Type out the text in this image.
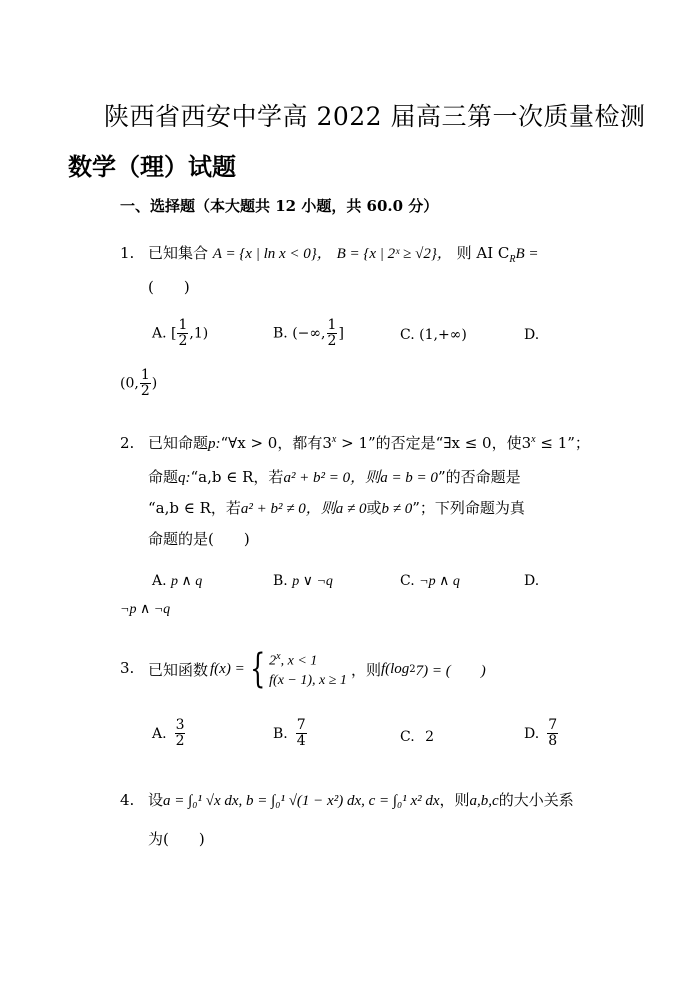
陕西省西安中学高 2022 届高三第一次质量检测
数学（理）试题
一、选择题（本大题共 12 小题，共 60.0 分）
1. 已知集合 A = {x | ln x < 0}， B = {x | 2ˣ ≥ √2}， 则 AI $C_RB$ =
(　　)
A. [ $\frac{1}{2} ,1$)	B. (−∞, $\frac{1}{2}$ ]	C. (1,+∞)	D.
(0, $\frac{1}{2}$ )
2. 已知命题p:“∀x > 0，都有$3^x > 1$”的否定是“∃x ≤ 0，使$3^x \le 1$”；
命题q:“a,b ∈ R，若a² + b² = 0，则a = b = 0”的否命题是
“a,b ∈ R，若a² + b² ≠ 0，则a ≠ 0或b ≠ 0”；下列命题为真
命题的是(　　)
A. p ∧ q	B. p ∨ ¬q	C. ¬p ∧ q	D.
¬p ∧ ¬q
3. 已知函数 f(x) = { 2$^x$, x < 1
f(x − 1), x ≥ 1
，则 f(log 2 7) = (　　)
A. $\frac{3}{2}$	B. $\frac{7}{4}$	C. 2	D. $\frac{7}{8}$
4. 设a = ∫₀¹ √x dx, b = ∫₀¹ √(1 − x²) dx, c = ∫₀¹ x² dx，则a,b,c的大小关系
为(　　)
